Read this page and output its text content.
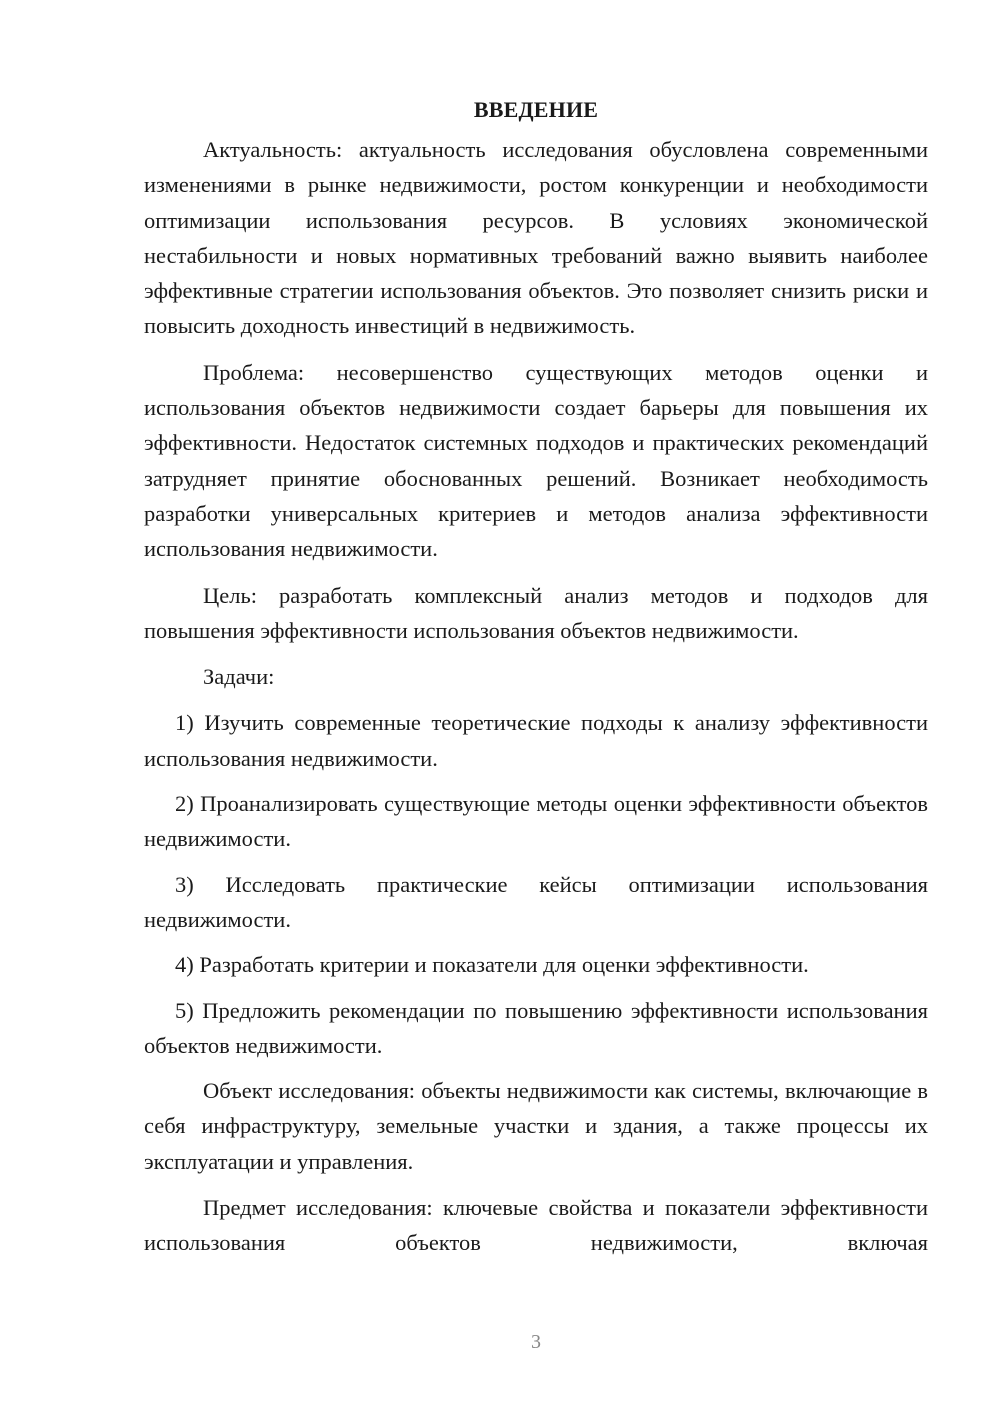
ВВЕДЕНИЕ

Актуальность: актуальность исследования обусловлена современными изменениями в рынке недвижимости, ростом конкуренции и необходимости оптимизации использования ресурсов. В условиях экономической нестабильности и новых нормативных требований важно выявить наиболее эффективные стратегии использования объектов. Это позволяет снизить риски и повысить доходность инвестиций в недвижимость.

Проблема: несовершенство существующих методов оценки и использования объектов недвижимости создает барьеры для повышения их эффективности. Недостаток системных подходов и практических рекомендаций затрудняет принятие обоснованных решений. Возникает необходимость разработки универсальных критериев и методов анализа эффективности использования недвижимости.

Цель: разработать комплексный анализ методов и подходов для повышения эффективности использования объектов недвижимости.

Задачи:

1) Изучить современные теоретические подходы к анализу эффективности использования недвижимости.

2) Проанализировать существующие методы оценки эффективности объектов недвижимости.

3) Исследовать практические кейсы оптимизации использования недвижимости.

4) Разработать критерии и показатели для оценки эффективности.

5) Предложить рекомендации по повышению эффективности использования объектов недвижимости.

Объект исследования: объекты недвижимости как системы, включающие в себя инфраструктуру, земельные участки и здания, а также процессы их эксплуатации и управления.

Предмет исследования: ключевые свойства и показатели эффективности использования объектов недвижимости, включая

3
